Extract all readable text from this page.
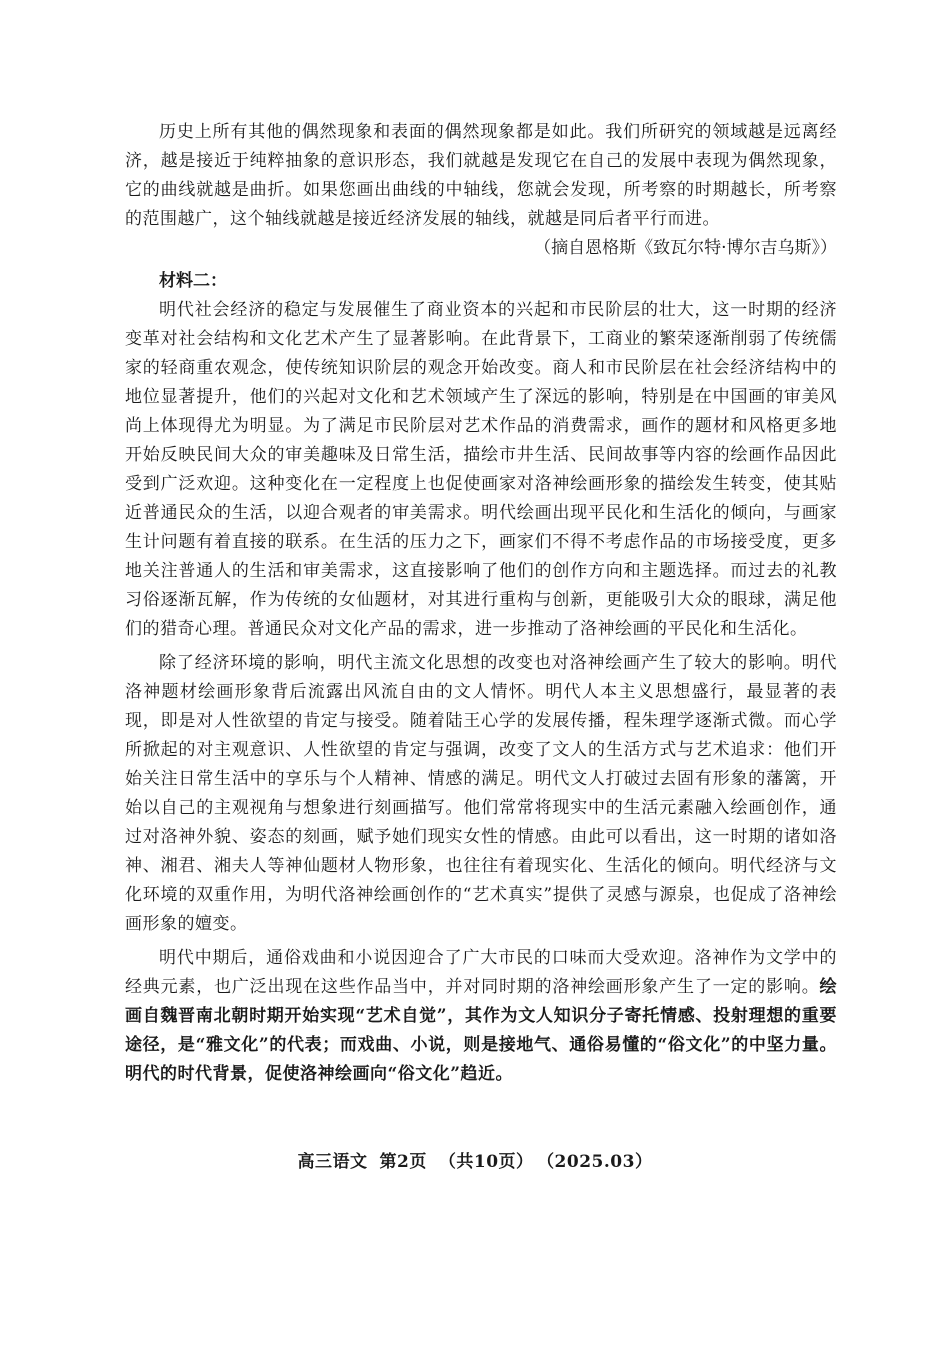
历史上所有其他的偶然现象和表面的偶然现象都是如此。我们所研究的领域越是远离经济，越是接近于纯粹抽象的意识形态，我们就越是发现它在自己的发展中表现为偶然现象，它的曲线就越是曲折。如果您画出曲线的中轴线，您就会发现，所考察的时期越长，所考察的范围越广，这个轴线就越是接近经济发展的轴线，就越是同后者平行而进。

（摘自恩格斯《致瓦尔特·博尔吉乌斯》）
材料二：

明代社会经济的稳定与发展催生了商业资本的兴起和市民阶层的壮大，这一时期的经济变革对社会结构和文化艺术产生了显著影响。在此背景下，工商业的繁荣逐渐削弱了传统儒家的轻商重农观念，使传统知识阶层的观念开始改变。商人和市民阶层在社会经济结构中的地位显著提升，他们的兴起对文化和艺术领域产生了深远的影响，特别是在中国画的审美风尚上体现得尤为明显。为了满足市民阶层对艺术作品的消费需求，画作的题材和风格更多地开始反映民间大众的审美趣味及日常生活，描绘市井生活、民间故事等内容的绘画作品因此受到广泛欢迎。这种变化在一定程度上也促使画家对洛神绘画形象的描绘发生转变，使其贴近普通民众的生活，以迎合观者的审美需求。明代绘画出现平民化和生活化的倾向，与画家生计问题有着直接的联系。在生活的压力之下，画家们不得不考虑作品的市场接受度，更多地关注普通人的生活和审美需求，这直接影响了他们的创作方向和主题选择。而过去的礼教习俗逐渐瓦解，作为传统的女仙题材，对其进行重构与创新，更能吸引大众的眼球，满足他们的猎奇心理。普通民众对文化产品的需求，进一步推动了洛神绘画的平民化和生活化。

除了经济环境的影响，明代主流文化思想的改变也对洛神绘画产生了较大的影响。明代洛神题材绘画形象背后流露出风流自由的文人情怀。明代人本主义思想盛行，最显著的表现，即是对人性欲望的肯定与接受。随着陆王心学的发展传播，程朱理学逐渐式微。而心学所掀起的对主观意识、人性欲望的肯定与强调，改变了文人的生活方式与艺术追求：他们开始关注日常生活中的享乐与个人精神、情感的满足。明代文人打破过去固有形象的藩篱，开始以自己的主观视角与想象进行刻画描写。他们常常将现实中的生活元素融入绘画创作，通过对洛神外貌、姿态的刻画，赋予她们现实女性的情感。由此可以看出，这一时期的诸如洛神、湘君、湘夫人等神仙题材人物形象，也往往有着现实化、生活化的倾向。明代经济与文化环境的双重作用，为明代洛神绘画创作的“艺术真实”提供了灵感与源泉，也促成了洛神绘画形象的嬗变。

明代中期后，通俗戏曲和小说因迎合了广大市民的口味而大受欢迎。洛神作为文学中的经典元素，也广泛出现在这些作品当中，并对同时期的洛神绘画形象产生了一定的影响。绘画自魏晋南北朝时期开始实现“艺术自觉”，其作为文人知识分子寄托情感、投射理想的重要途径，是“雅文化”的代表；而戏曲、小说，则是接地气、通俗易懂的“俗文化”的中坚力量。明代的时代背景，促使洛神绘画向“俗文化”趋近。

高三语文 第2页 （共10页） （2025.03）
